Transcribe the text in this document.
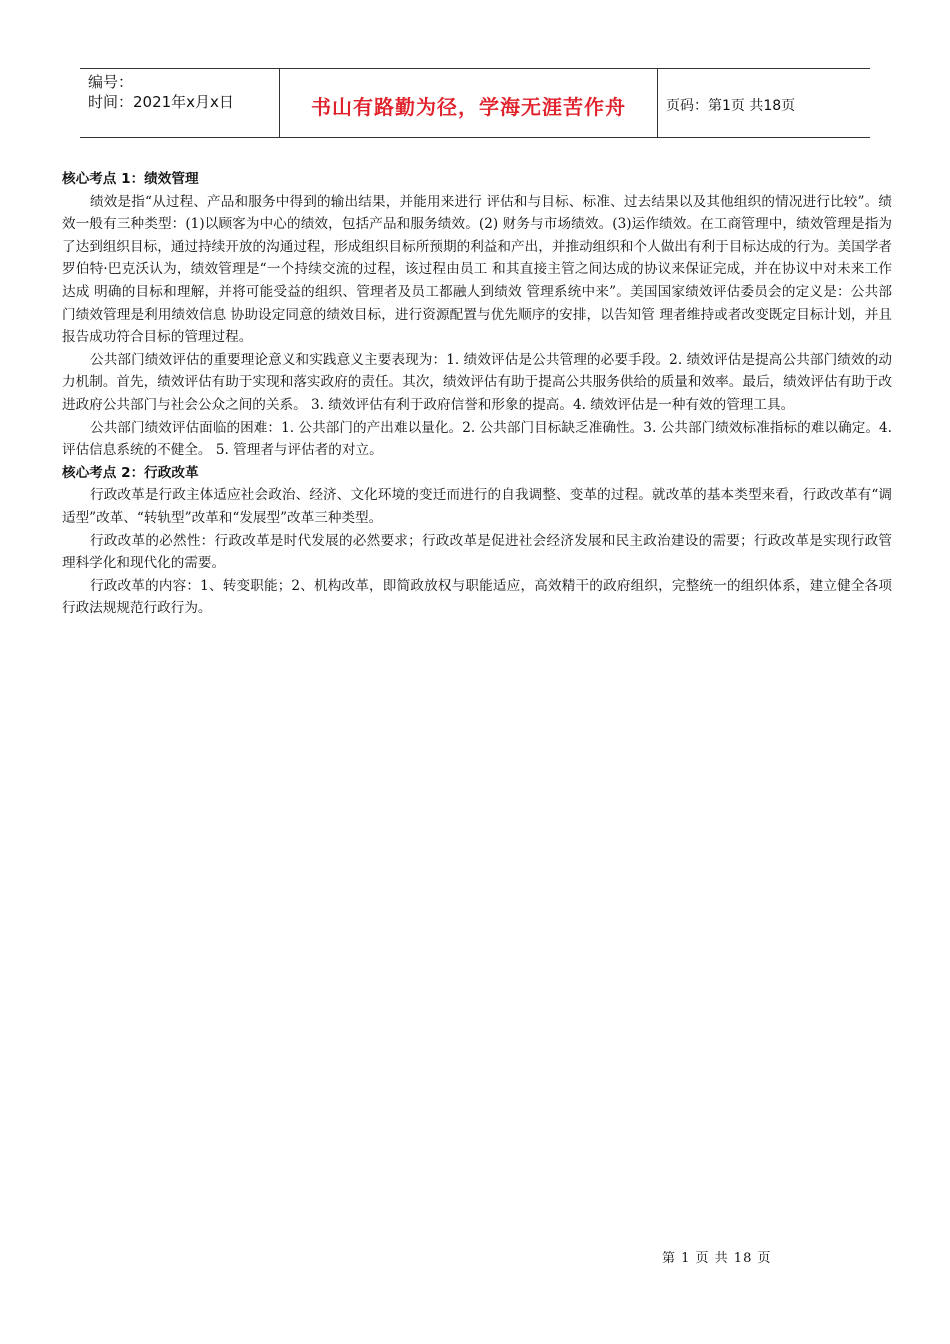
编号：
时间：2021年x月x日	书山有路勤为径，学海无涯苦作舟	页码：第1页 共18页

核心考点 1：绩效管理

绩效是指“从过程、产品和服务中得到的输出结果，并能用来进行 评估和与目标、标准、过去结果以及其他组织的情况进行比较”。绩效一般有三种类型：(1)以顾客为中心的绩效，包括产品和服务绩效。(2) 财务与市场绩效。(3)运作绩效。在工商管理中，绩效管理是指为 了达到组织目标，通过持续开放的沟通过程，形成组织目标所预期的利益和产出，并推动组织和个人做出有利于目标达成的行为。美国学者罗伯特·巴克沃认为，绩效管理是“一个持续交流的过程，该过程由员工 和其直接主管之间达成的协议来保证完成，并在协议中对未来工作达成 明确的目标和理解，并将可能受益的组织、管理者及员工都融人到绩效 管理系统中来”。美国国家绩效评估委员会的定义是：公共部门绩效管理是利用绩效信息 协助设定同意的绩效目标，进行资源配置与优先顺序的安排，以告知管 理者维持或者改变既定目标计划，并且报告成功符合目标的管理过程。

公共部门绩效评估的重要理论意义和实践意义主要表现为：1. 绩效评估是公共管理的必要手段。2. 绩效评估是提高公共部门绩效的动力机制。首先，绩效评估有助于实现和落实政府的责任。其次，绩效评估有助于提高公共服务供给的质量和效率。最后，绩效评估有助于改进政府公共部门与社会公众之间的关系。 3. 绩效评估有利于政府信誉和形象的提高。4. 绩效评估是一种有效的管理工具。

公共部门绩效评估面临的困难：1. 公共部门的产出难以量化。2. 公共部门目标缺乏准确性。3. 公共部门绩效标准指标的难以确定。4. 评估信息系统的不健全。 5. 管理者与评估者的对立。

核心考点 2：行政改革

行政改革是行政主体适应社会政治、经济、文化环境的变迁而进行的自我调整、变革的过程。就改革的基本类型来看，行政改革有“调适型”改革、“转轨型”改革和“发展型”改革三种类型。

行政改革的必然性：行政改革是时代发展的必然要求；行政改革是促进社会经济发展和民主政治建设的需要；行政改革是实现行政管理科学化和现代化的需要。

行政改革的内容：1、转变职能；2、机构改革，即简政放权与职能适应，高效精干的政府组织，完整统一的组织体系，建立健全各项行政法规规范行政行为。

第 1 页 共 18 页
